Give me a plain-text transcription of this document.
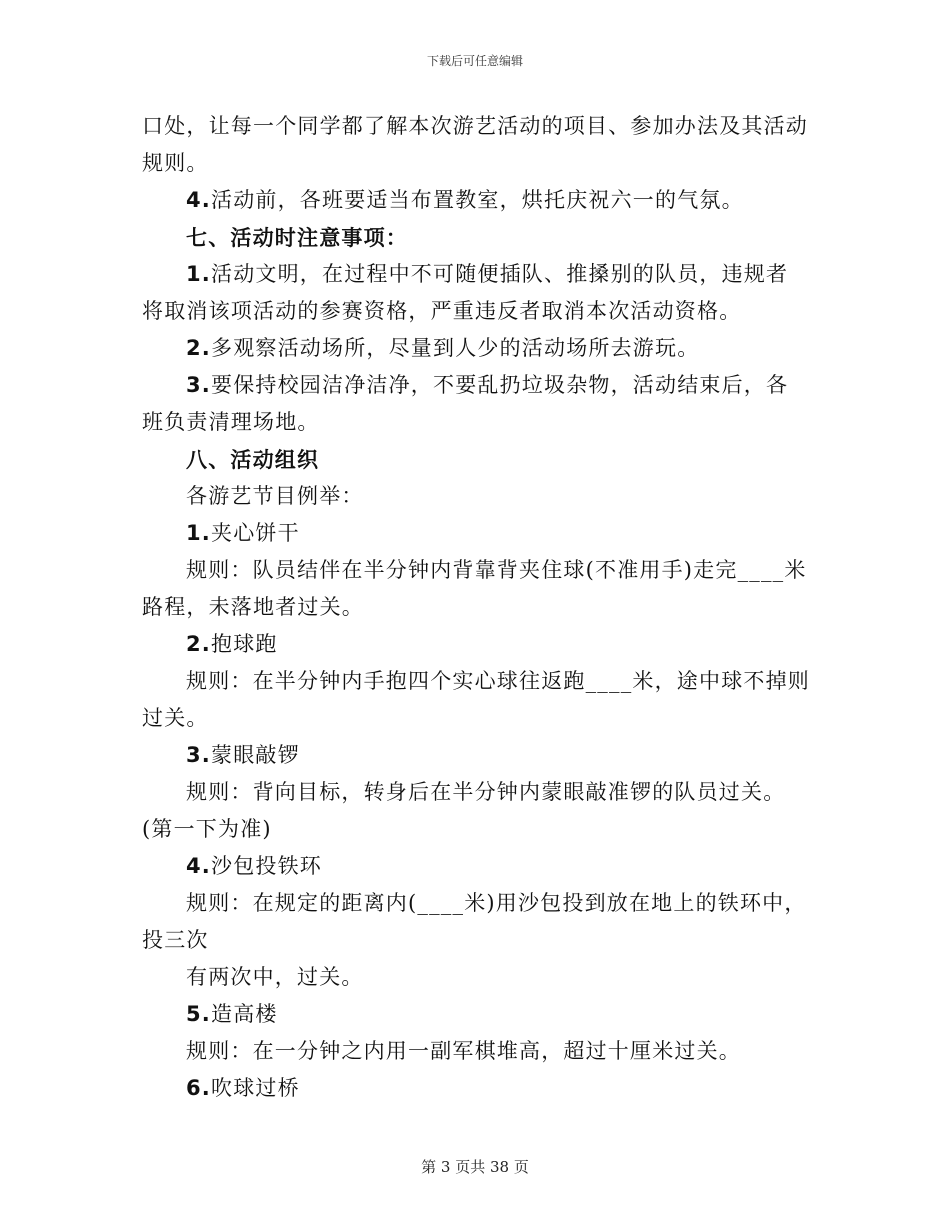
下载后可任意编辑

口处，让每一个同学都了解本次游艺活动的项目、参加办法及其活动规则。

4.活动前，各班要适当布置教室，烘托庆祝六一的气氛。

七、活动时注意事项：

1.活动文明，在过程中不可随便插队、推搡别的队员，违规者将取消该项活动的参赛资格，严重违反者取消本次活动资格。

2.多观察活动场所，尽量到人少的活动场所去游玩。

3.要保持校园洁净洁净，不要乱扔垃圾杂物，活动结束后，各班负责清理场地。

八、活动组织

各游艺节目例举：

1.夹心饼干

规则：队员结伴在半分钟内背靠背夹住球(不准用手)走完____米路程，未落地者过关。

2.抱球跑

规则：在半分钟内手抱四个实心球往返跑____米，途中球不掉则过关。

3.蒙眼敲锣

规则：背向目标，转身后在半分钟内蒙眼敲准锣的队员过关。(第一下为准)

4.沙包投铁环

规则：在规定的距离内(____米)用沙包投到放在地上的铁环中，投三次

有两次中，过关。

5.造高楼

规则：在一分钟之内用一副军棋堆高，超过十厘米过关。

6.吹球过桥

第 3 页共 38 页
